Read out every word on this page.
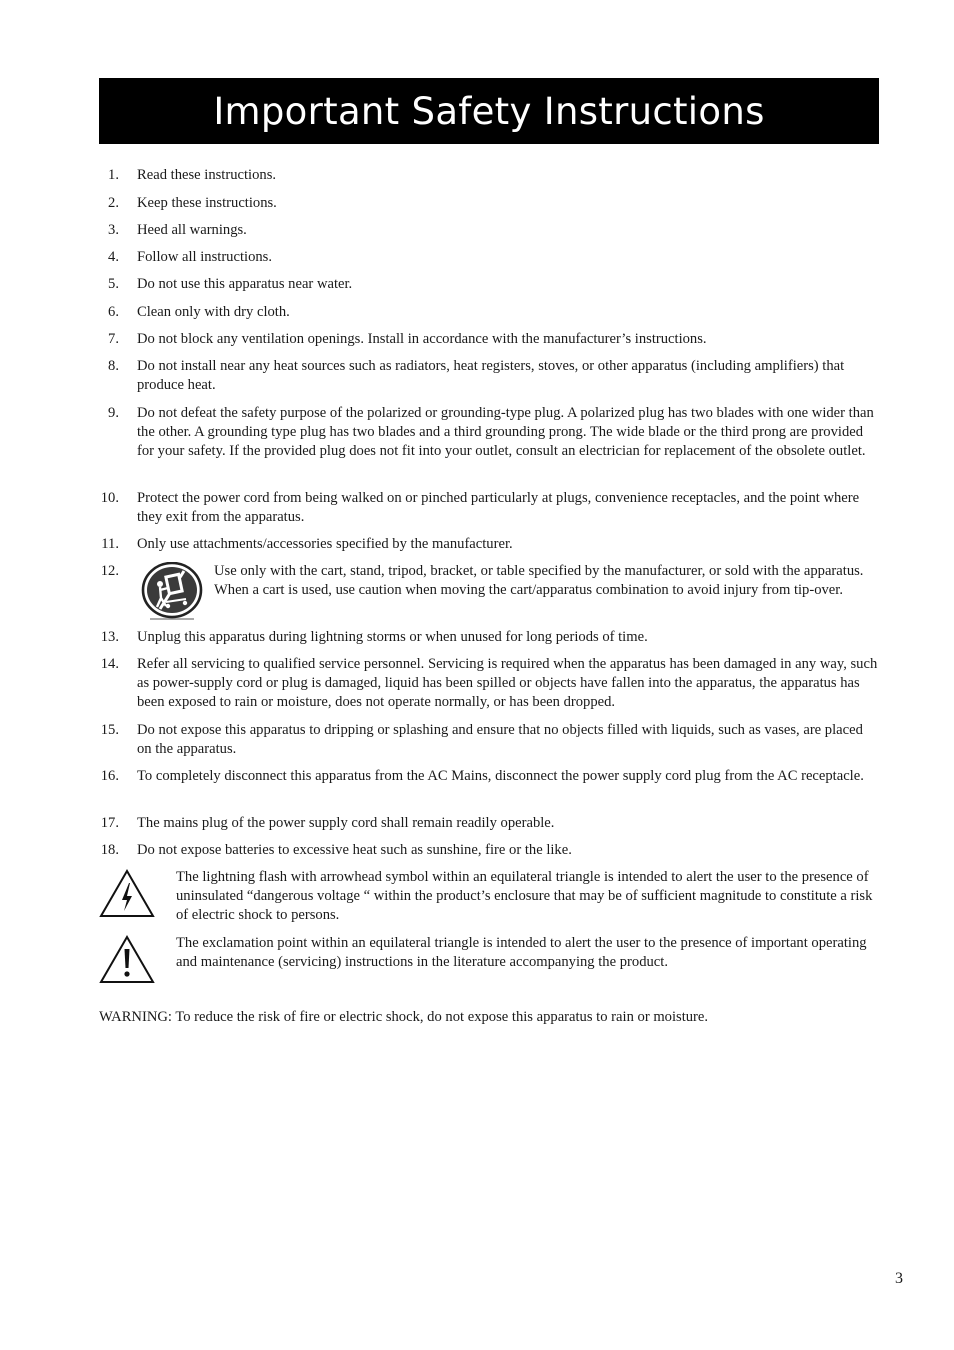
Important Safety Instructions
1. Read these instructions.
2. Keep these instructions.
3. Heed all warnings.
4. Follow all instructions.
5. Do not use this apparatus near water.
6. Clean only with dry cloth.
7. Do not block any ventilation openings. Install in accordance with the manufacturer’s instructions.
8. Do not install near any heat sources such as radiators, heat registers, stoves, or other apparatus (including amplifiers) that produce heat.
9. Do not defeat the safety purpose of the polarized or grounding-type plug. A polarized plug has two blades with one wider than the other. A grounding type plug has two blades and a third grounding prong. The wide blade or the third prong are provided for your safety. If the provided plug does not fit into your outlet, consult an electrician for replacement of the obsolete outlet.
10. Protect the power cord from being walked on or pinched particularly at plugs, convenience receptacles, and the point where they exit from the apparatus.
11. Only use attachments/accessories specified by the manufacturer.
12.	Use only with the cart, stand, tripod, bracket, or table specified by the manufacturer, or sold with the apparatus. When a cart is used, use caution when moving the cart/apparatus combination to avoid injury from tip-over.
13. Unplug this apparatus during lightning storms or when unused for long periods of time.
14. Refer all servicing to qualified service personnel. Servicing is required when the apparatus has been damaged in any way, such as power-supply cord or plug is damaged, liquid has been spilled or objects have fallen into the apparatus, the apparatus has been exposed to rain or moisture, does not operate normally, or has been dropped.
15. Do not expose this apparatus to dripping or splashing and ensure that no objects filled with liquids, such as vases, are placed on the apparatus.
16. To completely disconnect this apparatus from the AC Mains, disconnect the power supply cord plug from the AC receptacle.
17. The mains plug of the power supply cord shall remain readily operable.
18. Do not expose batteries to excessive heat such as sunshine, fire or the like.
The lightning flash with arrowhead symbol within an equilateral triangle is intended to alert the user to the presence of uninsulated “dangerous voltage “ within the product’s enclosure that may be of sufficient magnitude to constitute a risk of electric shock to persons.
The exclamation point within an equilateral triangle is intended to alert the user to the presence of important operating and maintenance (servicing) instructions in the literature accompanying the product.
WARNING: To reduce the risk of fire or electric shock, do not expose this apparatus to rain or moisture.
3
